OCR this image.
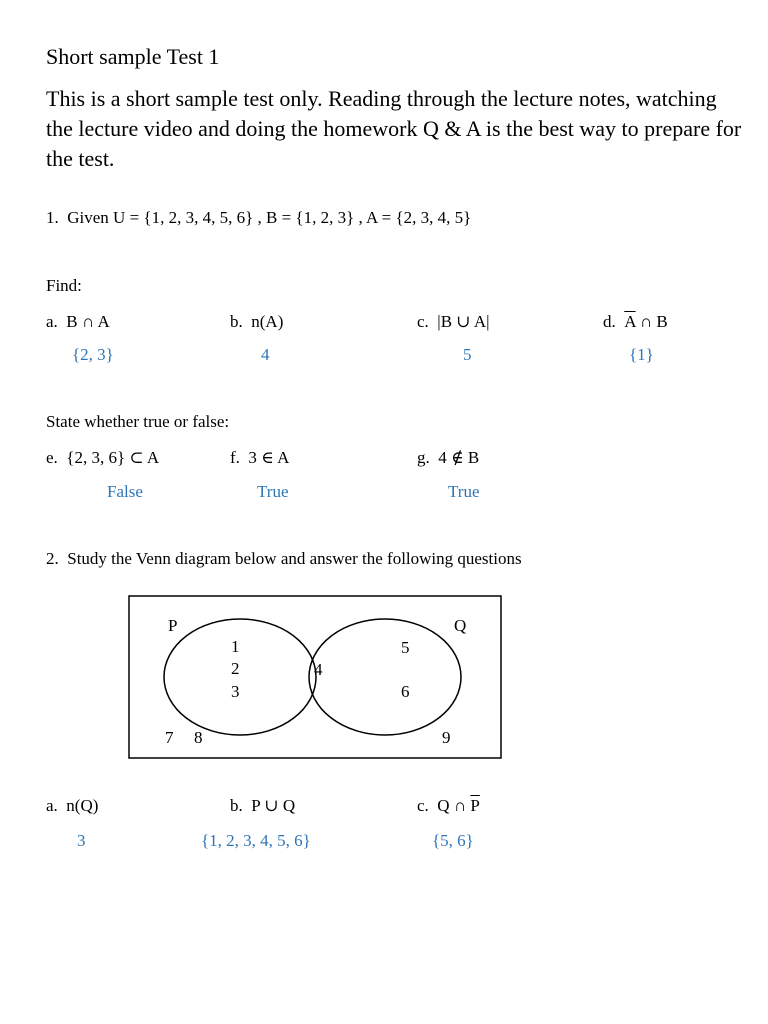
Short sample Test 1
This is a short sample test only. Reading through the lecture notes, watching the lecture video and doing the homework Q & A is the best way to prepare for the test.
1. Given U = {1, 2, 3, 4, 5, 6} , B = {1, 2, 3} , A = {2, 3, 4, 5}
Find:
a. B ∩ A
{2, 3}
b. n(A)
4
c. |B ∪ A|
5
d. $\overline{A}$ ∩ B
{1}
State whether true or false:
e. {2, 3, 6} ⊂ A
False
f. 3 ∈ A
True
g. 4 ∉ B
True
2. Study the Venn diagram below and answer the following questions
P	Q
1
2
3
4
5
6
7 8	9
a. n(Q)
3
b. P ∪ Q
{1, 2, 3, 4, 5, 6}
c. Q ∩ $\overline{P}$
{5, 6}
